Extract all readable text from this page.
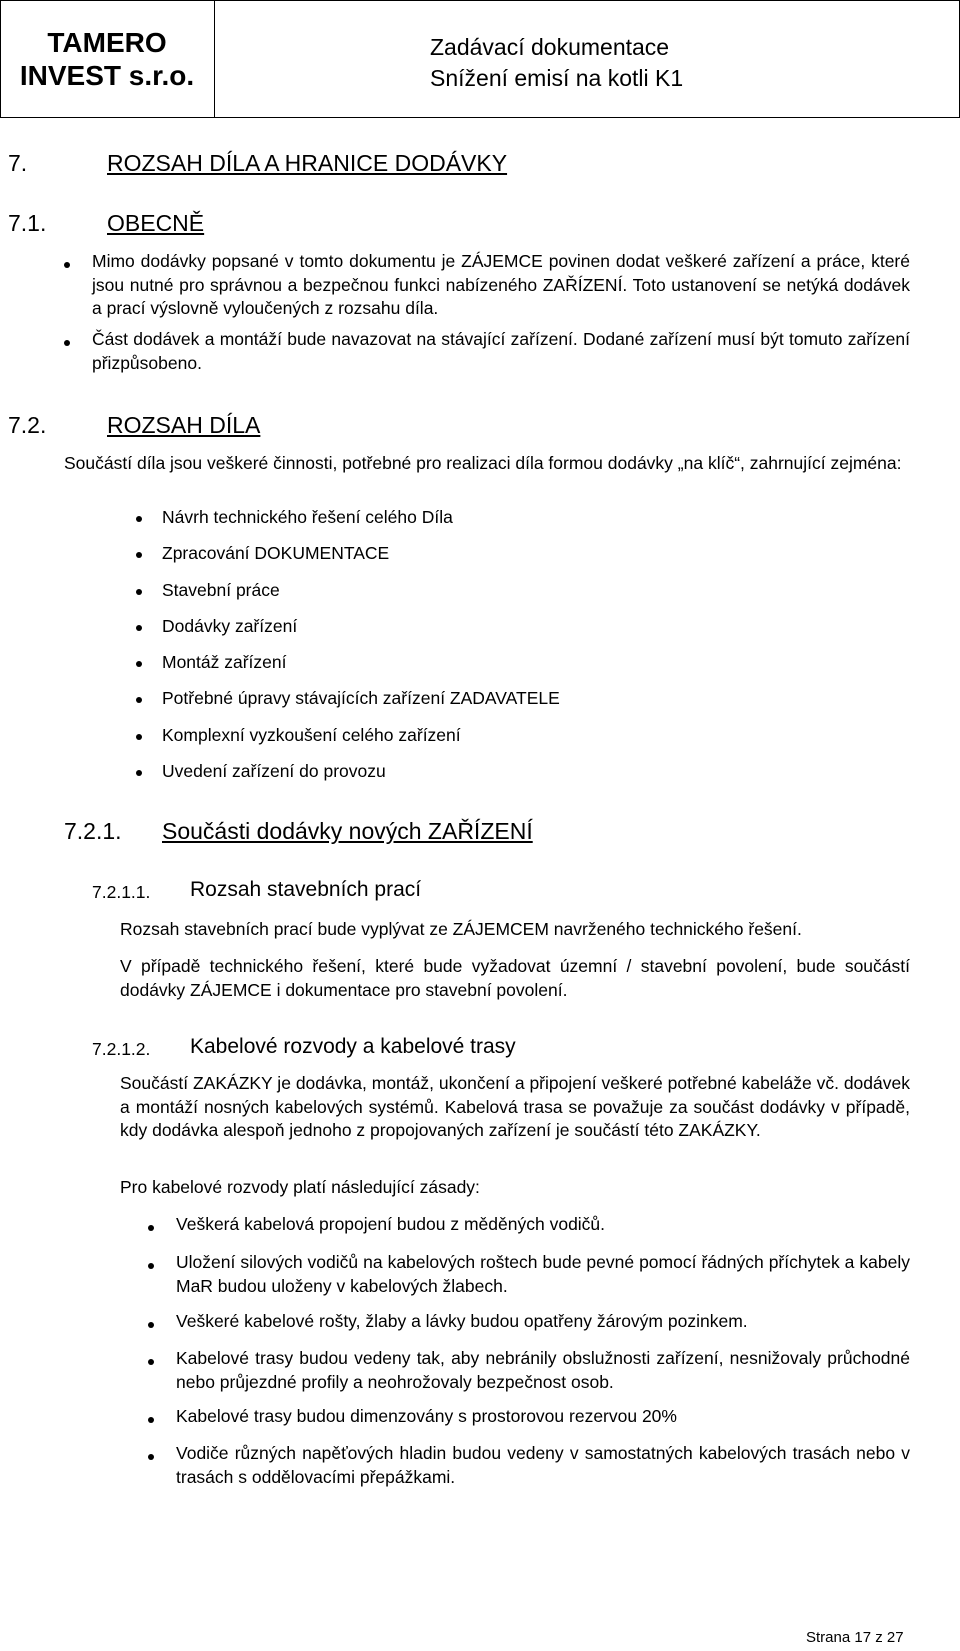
TAMERO
INVEST s.r.o.
Zadávací dokumentace
Snížení emisí na kotli K1
7.	ROZSAH DÍLA A HRANICE DODÁVKY
7.1.	OBECNĚ
Mimo dodávky popsané v tomto dokumentu je ZÁJEMCE povinen dodat veškeré zařízení a práce, které jsou nutné pro správnou a bezpečnou funkci nabízeného ZAŘÍZENÍ. Toto ustanovení se netýká dodávek a prací výslovně vyloučených z rozsahu díla.
Část dodávek a montáží bude navazovat na stávající zařízení. Dodané zařízení musí být tomuto zařízení přizpůsobeno.
7.2.	ROZSAH DÍLA
Součástí díla jsou veškeré činnosti, potřebné pro realizaci díla formou dodávky „na klíč“, zahrnující zejména:
Návrh technického řešení celého Díla
Zpracování DOKUMENTACE
Stavební práce
Dodávky zařízení
Montáž zařízení
Potřebné úpravy stávajících zařízení ZADAVATELE
Komplexní vyzkoušení celého zařízení
Uvedení zařízení do provozu
7.2.1. Součásti dodávky nových ZAŘÍZENÍ
7.2.1.1. Rozsah stavebních prací
Rozsah stavebních prací bude vyplývat ze ZÁJEMCEM navrženého technického řešení.
V případě technického řešení, které bude vyžadovat územní / stavební povolení, bude součástí dodávky ZÁJEMCE i dokumentace pro stavební povolení.
7.2.1.2. Kabelové rozvody a kabelové trasy
Součástí ZAKÁZKY je dodávka, montáž, ukončení a připojení veškeré potřebné kabeláže vč. dodávek a montáží nosných kabelových systémů. Kabelová trasa se považuje za součást dodávky v případě, kdy dodávka alespoň jednoho z propojovaných zařízení je součástí této ZAKÁZKY.
Pro kabelové rozvody platí následující zásady:
Veškerá kabelová propojení budou z měděných vodičů.
Uložení silových vodičů na kabelových roštech bude pevné pomocí řádných příchytek a kabely MaR budou uloženy v kabelových žlabech.
Veškeré kabelové rošty, žlaby a lávky budou opatřeny žárovým pozinkem.
Kabelové trasy budou vedeny tak, aby nebránily obslužnosti zařízení, nesnižovaly průchodné nebo průjezdné profily a neohrožovaly bezpečnost osob.
Kabelové trasy budou dimenzovány s prostorovou rezervou 20%
Vodiče různých napěťových hladin budou vedeny v samostatných kabelových trasách nebo v trasách s oddělovacími přepážkami.
Strana 17 z 27
